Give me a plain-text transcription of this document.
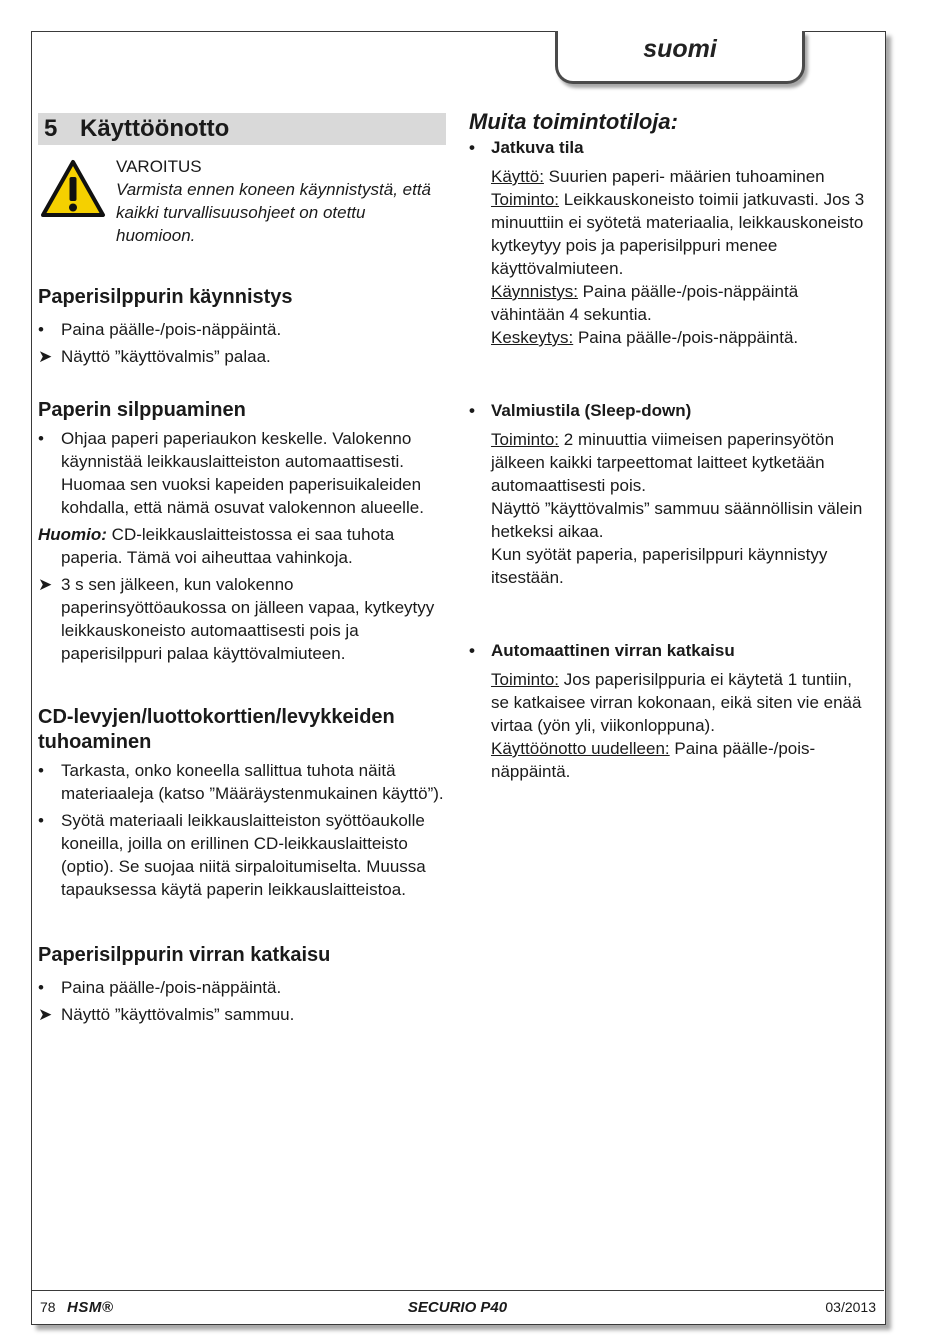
suomi
5 Käyttöönotto
VAROITUS
Varmista ennen koneen käynnistystä, että kaikki turvallisuusohjeet on otettu huomioon.
Paperisilppurin käynnistys
•	Paina päälle-/pois-näppäintä.
➤ Näyttö ”käyttövalmis” palaa.
Paperin silppuaminen
•	Ohjaa paperi paperiaukon keskelle. Valokenno käynnistää leikkauslaitteiston automaattisesti. Huomaa sen vuoksi kapeiden paperisuikaleiden kohdalla, että nämä osuvat valokennon alueelle.
Huomio: CD-leikkauslaitteistossa ei saa tuhota paperia. Tämä voi aiheuttaa vahinkoja.
➤ 3 s sen jälkeen, kun valokenno paperinsyöttöaukossa on jälleen vapaa, kytkeytyy leikkauskoneisto automaattisesti pois ja paperisilppuri palaa käyttövalmiuteen.
CD-levyjen/luottokorttien/levykkeiden tuhoaminen
•	Tarkasta, onko koneella sallittua tuhota näitä materiaaleja (katso ”Määräystenmukainen käyttö”).
•	Syötä materiaali leikkauslaitteiston syöttöaukolle koneilla, joilla on erillinen CD-leikkauslaitteisto (optio). Se suojaa niitä sirpaloitumiselta. Muussa tapauksessa käytä paperin leikkauslaitteistoa.
Paperisilppurin virran katkaisu
•	Paina päälle-/pois-näppäintä.
➤ Näyttö ”käyttövalmis” sammuu.
Muita toimintotiloja:
• Jatkuva tila
Käyttö: Suurien paperi- määrien tuhoaminen
Toiminto: Leikkauskoneisto toimii jatkuvasti. Jos 3 minuuttiin ei syötetä materiaalia, leikkauskoneisto kytkeytyy pois ja paperisilppuri menee käyttövalmiuteen.
Käynnistys: Paina päälle-/pois-näppäintä vähintään 4 sekuntia.
Keskeytys: Paina päälle-/pois-näppäintä.
• Valmiustila (Sleep-down)
Toiminto: 2 minuuttia viimeisen paperinsyötön jälkeen kaikki tarpeettomat laitteet kytketään automaattisesti pois.
Näyttö ”käyttövalmis” sammuu säännöllisin välein hetkeksi aikaa.
Kun syötät paperia, paperisilppuri käynnistyy itsestään.
• Automaattinen virran katkaisu
Toiminto: Jos paperisilppuria ei käytetä 1 tuntiin, se katkaisee virran kokonaan, eikä siten vie enää virtaa (yön yli, viikonloppuna).
Käyttöönotto uudelleen: Paina päälle-/pois-näppäintä.
78 HSM®	SECURIO P40	03/2013
